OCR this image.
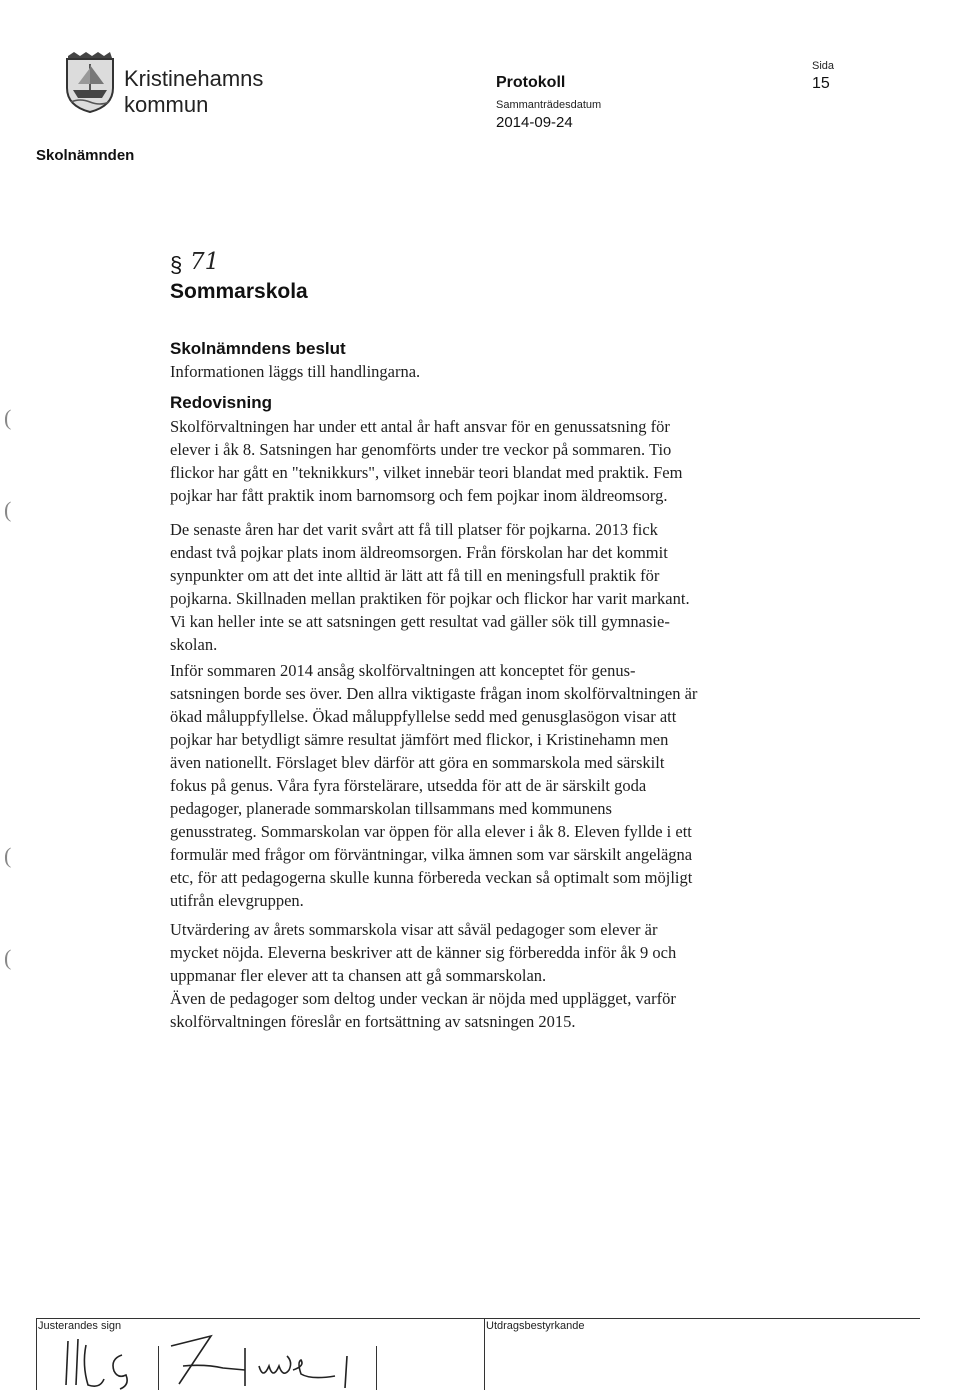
Kristinehamns
kommun
Protokoll
Sammanträdesdatum
2014-09-24
Sida
15
Skolnämnden
§ 71
Sommarskola
Skolnämndens beslut
Informationen läggs till handlingarna.
Redovisning
Skolförvaltningen har under ett antal år haft ansvar för en genussatsning för
elever i åk 8. Satsningen har genomförts under tre veckor på sommaren. Tio
flickor har gått en "teknikkurs", vilket innebär teori blandat med praktik. Fem
pojkar har fått praktik inom barnomsorg och fem pojkar inom äldreomsorg.
De senaste åren har det varit svårt att få till platser för pojkarna. 2013 fick
endast två pojkar plats inom äldreomsorgen. Från förskolan har det kommit
synpunkter om att det inte alltid är lätt att få till en meningsfull praktik för
pojkarna. Skillnaden mellan praktiken för pojkar och flickor har varit markant.
Vi kan heller inte se att satsningen gett resultat vad gäller sök till gymnasie-
skolan.
Inför sommaren 2014 ansåg skolförvaltningen att konceptet för genus-
satsningen borde ses över. Den allra viktigaste frågan inom skolförvaltningen är
ökad måluppfyllelse. Ökad måluppfyllelse sedd med genusglasögon visar att
pojkar har betydligt sämre resultat jämfört med flickor, i Kristinehamn men
även nationellt. Förslaget blev därför att göra en sommarskola med särskilt
fokus på genus. Våra fyra förstelärare, utsedda för att de är särskilt goda
pedagoger, planerade sommarskolan tillsammans med kommunens
genusstrateg. Sommarskolan var öppen för alla elever i åk 8. Eleven fyllde i ett
formulär med frågor om förväntningar, vilka ämnen som var särskilt angelägna
etc, för att pedagogerna skulle kunna förbereda veckan så optimalt som möjligt
utifrån elevgruppen.
Utvärdering av årets sommarskola visar att såväl pedagoger som elever är
mycket nöjda. Eleverna beskriver att de känner sig förberedda inför åk 9 och
uppmanar fler elever att ta chansen att gå sommarskolan.
Även de pedagoger som deltog under veckan är nöjda med upplägget, varför
skolförvaltningen föreslår en fortsättning av satsningen 2015.
(
(
(
(
Justerandes sign	Utdragsbestyrkande
